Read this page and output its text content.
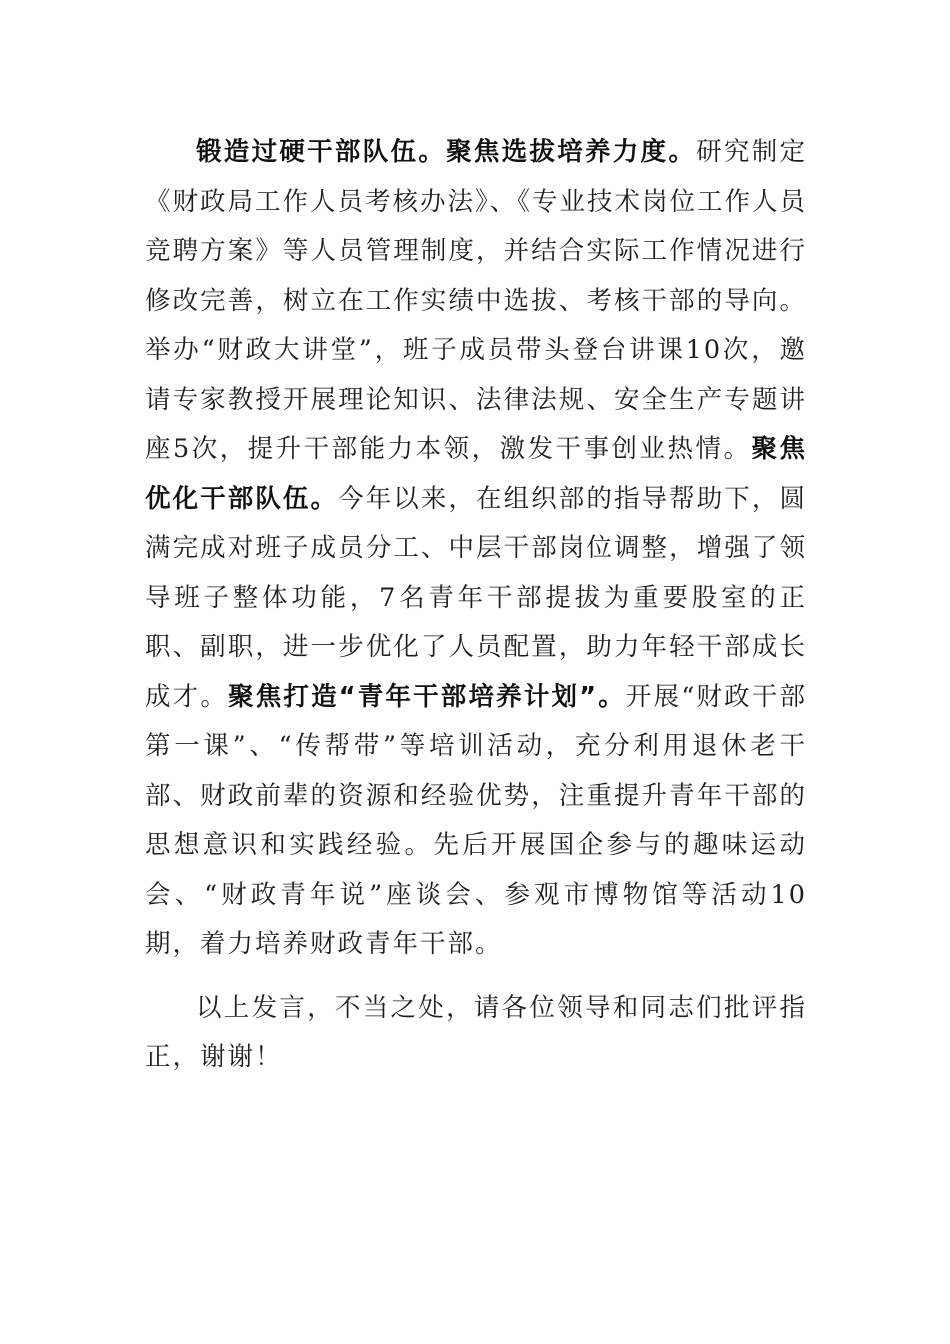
锻造过硬干部队伍。聚焦选拔培养力度。研究制定《财政局工作人员考核办法》、《专业技术岗位工作人员竞聘方案》等人员管理制度，并结合实际工作情况进行修改完善，树立在工作实绩中选拔、考核干部的导向。举办“财政大讲堂”，班子成员带头登台讲课10次，邀请专家教授开展理论知识、法律法规、安全生产专题讲座5次，提升干部能力本领，激发干事创业热情。聚焦优化干部队伍。今年以来，在组织部的指导帮助下，圆满完成对班子成员分工、中层干部岗位调整，增强了领导班子整体功能，7名青年干部提拔为重要股室的正职、副职，进一步优化了人员配置，助力年轻干部成长成才。聚焦打造“青年干部培养计划”。开展“财政干部第一课”、“传帮带”等培训活动，充分利用退休老干部、财政前辈的资源和经验优势，注重提升青年干部的思想意识和实践经验。先后开展国企参与的趣味运动会、“财政青年说”座谈会、参观市博物馆等活动10期，着力培养财政青年干部。

以上发言，不当之处，请各位领导和同志们批评指正，谢谢！
